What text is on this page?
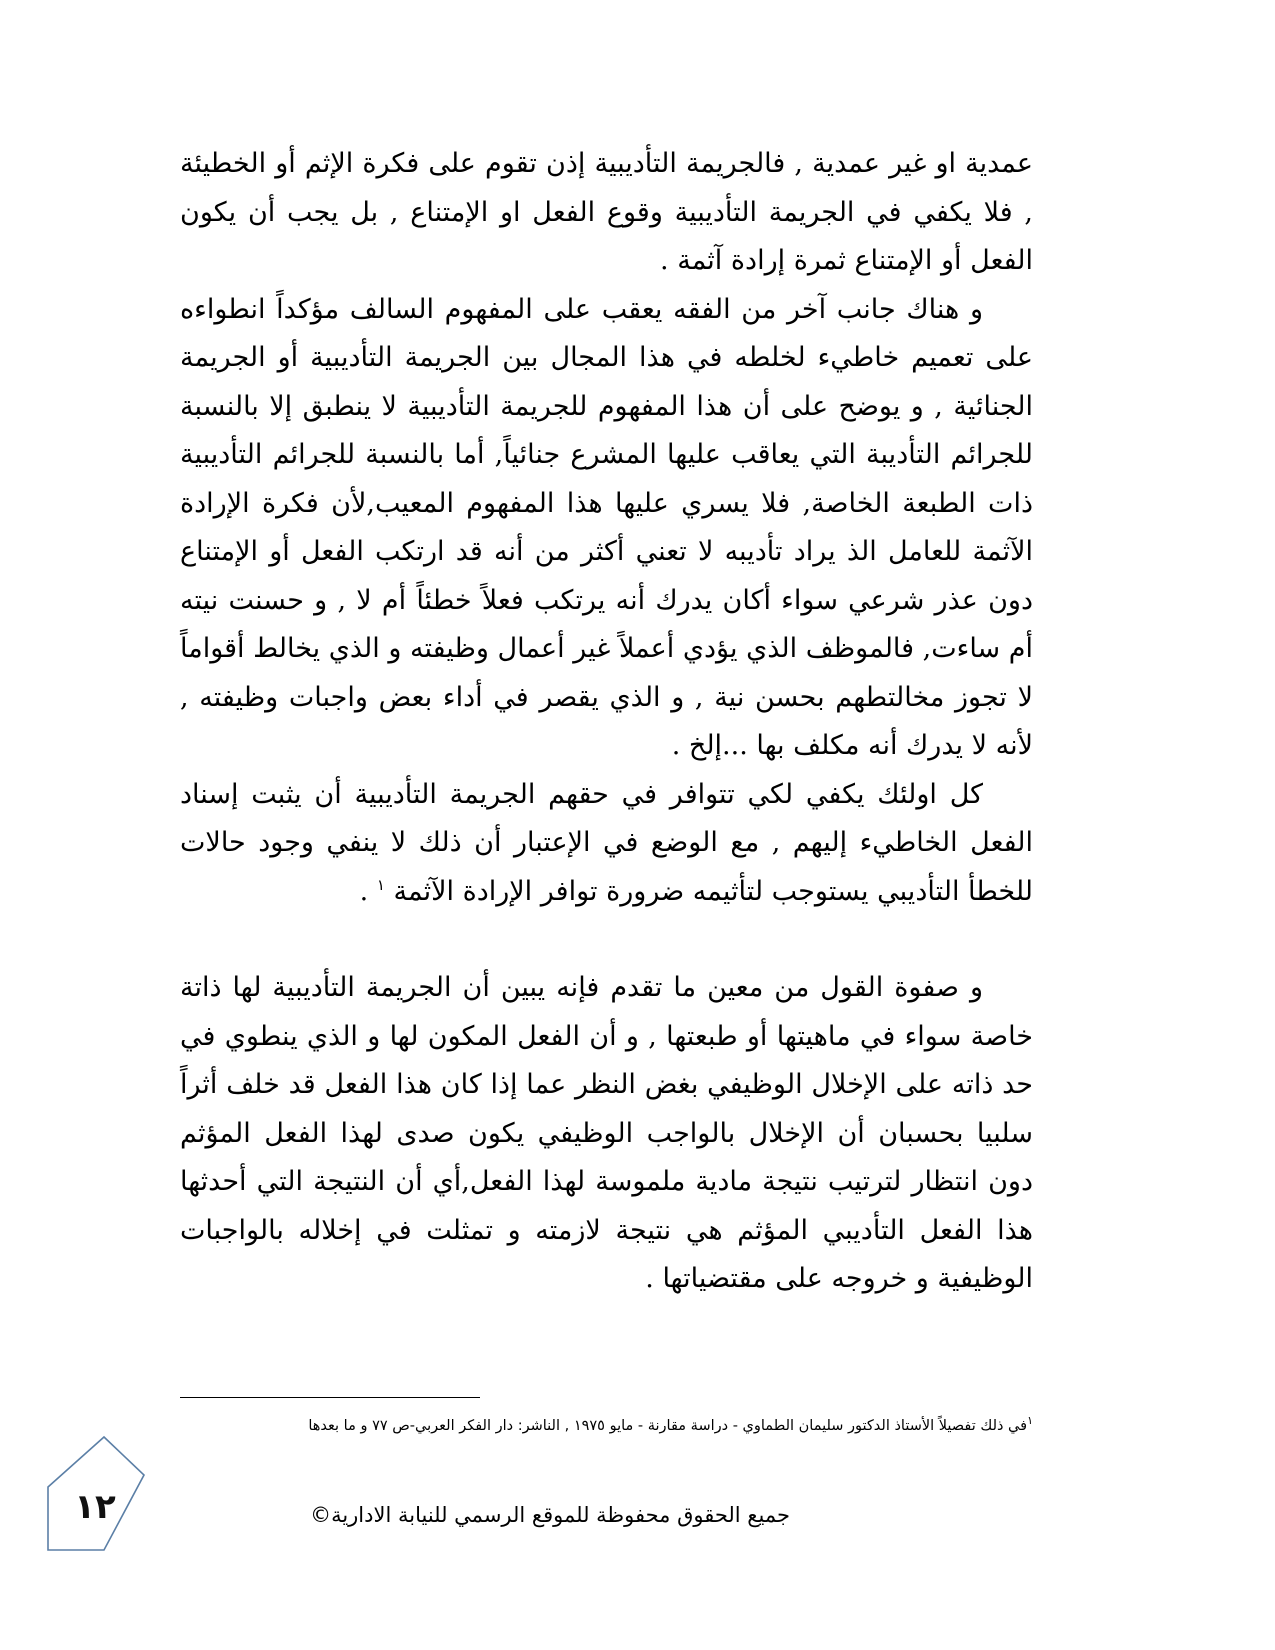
عمدية او غير عمدية , فالجريمة التأديبية إذن تقوم على فكرة الإثم أو الخطيئة , فلا يكفي في الجريمة التأديبية وقوع الفعل او الإمتناع , بل يجب أن يكون الفعل أو الإمتناع ثمرة إرادة آثمة .

و هناك جانب آخر من الفقه يعقب على المفهوم السالف مؤكداً انطواءه على تعميم خاطيء لخلطه في هذا المجال بين الجريمة التأديبية أو الجريمة الجنائية , و يوضح على أن هذا المفهوم للجريمة التأديبية لا ينطبق إلا بالنسبة للجرائم التأديبة التي يعاقب عليها المشرع جنائياً, أما بالنسبة للجرائم التأديبية ذات الطبعة الخاصة, فلا يسري عليها هذا المفهوم المعيب,لأن فكرة الإرادة الآثمة للعامل الذ يراد تأديبه لا تعني أكثر من أنه قد ارتكب الفعل أو الإمتناع دون عذر شرعي سواء أكان يدرك أنه يرتكب فعلاً خطئاً أم لا , و حسنت نيته أم ساءت, فالموظف الذي يؤدي أعملاً غير أعمال وظيفته و الذي يخالط أقواماً لا تجوز مخالتطهم بحسن نية , و الذي يقصر في أداء بعض واجبات وظيفته , لأنه لا يدرك أنه مكلف بها ...إلخ .

كل اولئك يكفي لكي تتوافر في حقهم الجريمة التأديبية أن يثبت إسناد الفعل الخاطيء إليهم , مع الوضع في الإعتبار أن ذلك لا ينفي وجود حالات للخطأ التأديبي يستوجب لتأثيمه ضرورة توافر الإرادة الآثمة $^١$ .

و صفوة القول من معين ما تقدم فإنه يبين أن الجريمة التأديبية لها ذاتة خاصة سواء في ماهيتها أو طبعتها , و أن الفعل المكون لها و الذي ينطوي في حد ذاته على الإخلال الوظيفي بغض النظر عما إذا كان هذا الفعل قد خلف أثراً سلبيا بحسبان أن الإخلال بالواجب الوظيفي يكون صدى لهذا الفعل المؤثم دون انتظار لترتيب نتيجة مادية ملموسة لهذا الفعل,أي أن النتيجة التي أحدثها هذا الفعل التأديبي المؤثم هي نتيجة لازمته و تمثلت في إخلاله بالواجبات الوظيفية و خروجه على مقتضياتها .

$^١$في ذلك تفصيلاً الأستاذ الدكتور سليمان الطماوي - دراسة مقارنة - مايو ١٩٧٥ , الناشر: دار الفكر العربي-ص ٧٧ و ما بعدها
١٢	جميع الحقوق محفوظة للموقع الرسمي للنيابة الادارية©
